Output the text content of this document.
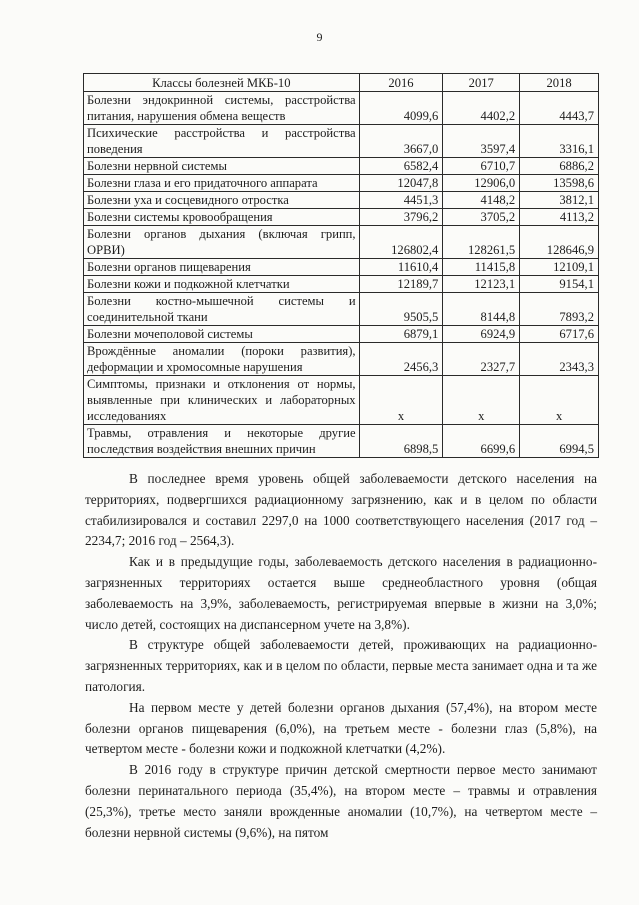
9
Классы болезней МКБ-10	2016	2017	2018
Болезни эндокринной системы, расстройства питания, нарушения обмена веществ	4099,6	4402,2	4443,7
Психические расстройства и расстройства поведения	3667,0	3597,4	3316,1
Болезни нервной системы	6582,4	6710,7	6886,2
Болезни глаза и его придаточного аппарата	12047,8	12906,0	13598,6
Болезни уха и сосцевидного отростка	4451,3	4148,2	3812,1
Болезни системы кровообращения	3796,2	3705,2	4113,2
Болезни органов дыхания (включая грипп, ОРВИ)	126802,4	128261,5	128646,9
Болезни органов пищеварения	11610,4	11415,8	12109,1
Болезни кожи и подкожной клетчатки	12189,7	12123,1	9154,1
Болезни костно-мышечной системы и соединительной ткани	9505,5	8144,8	7893,2
Болезни мочеполовой системы	6879,1	6924,9	6717,6
Врождённые аномалии (пороки развития), деформации и хромосомные нарушения	2456,3	2327,7	2343,3
Симптомы, признаки и отклонения от нормы, выявленные при клинических и лабораторных исследованиях	х	х	х
Травмы, отравления и некоторые другие последствия воздействия внешних причин	6898,5	6699,6	6994,5

В последнее время уровень общей заболеваемости детского населения на территориях, подвергшихся радиационному загрязнению, как и в целом по области стабилизировался и составил 2297,0 на 1000 соответствующего населения (2017 год – 2234,7; 2016 год – 2564,3).

Как и в предыдущие годы, заболеваемость детского населения в радиационно-загрязненных территориях остается выше среднеобластного уровня (общая заболеваемость на 3,9%, заболеваемость, регистрируемая впервые в жизни на 3,0%; число детей, состоящих на диспансерном учете на 3,8%).

В структуре общей заболеваемости детей, проживающих на радиационно-загрязненных территориях, как и в целом по области, первые места занимает одна и та же патология.

На первом месте у детей болезни органов дыхания (57,4%), на втором месте болезни органов пищеварения (6,0%), на третьем месте - болезни глаз (5,8%), на четвертом месте - болезни кожи и подкожной клетчатки (4,2%).

В 2016 году в структуре причин детской смертности первое место занимают болезни перинатального периода (35,4%), на втором месте – травмы и отравления (25,3%), третье место заняли врожденные аномалии (10,7%), на четвертом месте – болезни нервной системы (9,6%), на пятом
